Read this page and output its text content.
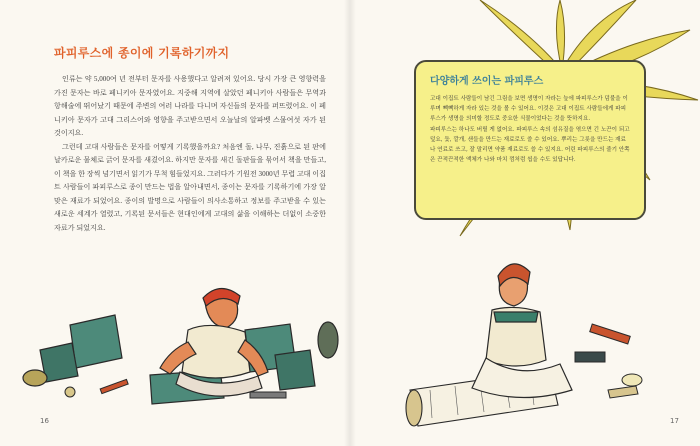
파피루스에 종이에 기록하기까지

인류는 약 5,000여 년 전부터 문자를 사용했다고 알려져 있어요. 당시 가장 큰 영향력을 가진 문자는 바로 페니키아 문자였어요. 지중해 지역에 살았던 페니키아 사람들은 무역과 항해술에 뛰어났기 때문에 주변의 여러 나라를 다니며 자신들의 문자를 퍼뜨렸어요. 이 페니키아 문자가 고대 그리스어와 영향을 주고받으면서 오늘날의 알파벳 스물여섯 자가 된 것이지요.

그런데 고대 사람들은 문자를 어떻게 기록했을까요? 처음엔 돌, 나무, 진흙으로 된 판에 날카로운 물체로 긁어 문자를 새겼어요. 하지만 문자를 새긴 돌판들을 묶어서 책을 만들고, 이 책을 한 장씩 넘기면서 읽기가 무척 힘들었지요. 그러다가 기원전 3000년 무렵 고대 이집트 사람들이 파피루스로 종이 만드는 법을 알아내면서, 종이는 문자를 기록하기에 가장 알맞은 재료가 되었어요. 종이의 발명으로 사람들이 의사소통하고 정보를 주고받을 수 있는 새로운 세계가 열렸고, 기록된 문서들은 현대인에게 고대의 삶을 이해하는 더없이 소중한 자료가 되었지요.

16	17
다양하게 쓰이는 파피루스

고대 이집트 사람들이 남긴 그림을 보면 생명이 자라는 늪에 파피루스가 덤불을 이루며 빽빽하게 자라 있는 것을 볼 수 있어요. 이것은 고대 이집트 사람들에게 파피루스가 생명을 의미할 정도로 중요한 식물이었다는 것을 뜻하지요.

파피루스는 하나도 버릴 게 없어요. 파피루스 속의 섬유질을 엮으면 긴 노끈이 되고 덮요, 돛, 깔개, 샌들을 만드는 재료로도 쓸 수 있어요. 뿌리는 그릇을 만드는 재료나 연료로 쓰고, 잘 말리면 약품 재료로도 쓸 수 있지요. 어린 파피루스의 줄기 안쪽은 끈적끈적한 액체가 나와 마치 껌처럼 씹을 수도 있답니다.
